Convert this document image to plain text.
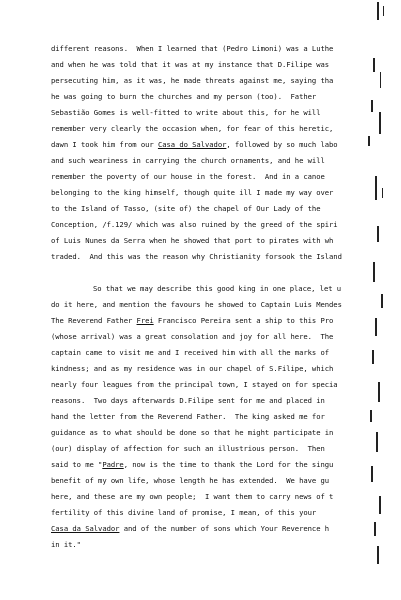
different reasons.  When I learned that (Pedro Limoni) was a Luthe
and when he was told that it was at my instance that D.Filipe was
persecuting him, as it was, he made threats against me, saying tha
he was going to burn the churches and my person (too).  Father
Sebastião Gomes is well-fitted to write about this, for he will
remember very clearly the occasion when, for fear of this heretic,
dawn I took him from our Casa do Salvador, followed by so much labo
and such weariness in carrying the church ornaments, and he will
remember the poverty of our house in the forest.  And in a canoe
belonging to the king himself, though quite ill I made my way over
to the Island of Tasso, (site of) the chapel of Our Lady of the
Conception, /f.129/ which was also ruined by the greed of the spiri
of Luis Nunes da Serra when he showed that port to pirates with wh
traded.  And this was the reason why Christianity forsook the Island
So that we may describe this good king in one place, let u
do it here, and mention the favours he showed to Captain Luis Mendes
The Reverend Father Frei Francisco Pereira sent a ship to this Pro
(whose arrival) was a great consolation and joy for all here.  The
captain came to visit me and I received him with all the marks of
kindness; and as my residence was in our chapel of S.Filipe, which
nearly four leagues from the principal town, I stayed on for specia
reasons.  Two days afterwards D.Filipe sent for me and placed in
hand the letter from the Reverend Father.  The king asked me for
guidance as to what should be done so that he might participate in
(our) display of affection for such an illustrious person.  Then
said to me "Padre, now is the time to thank the Lord for the singu
benefit of my own life, whose length he has extended.  We have gu
here, and these are my own people;  I want them to carry news of t
fertility of this divine land of promise, I mean, of this your
Casa da Salvador and of the number of sons which Your Reverence h
in it."
